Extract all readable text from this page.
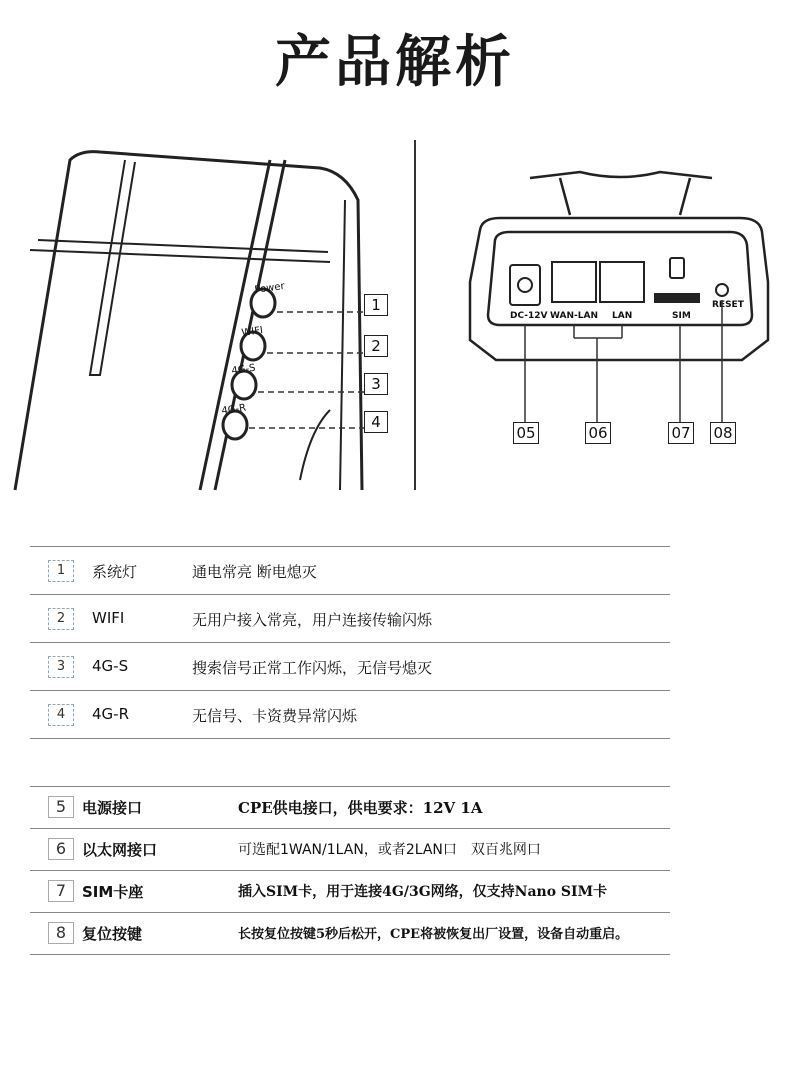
产品解析
Power
WIFI
4G-S
4G-R
DC-12V WAN-LAN LAN	SIM
RESET
1
2
3
4
05	06	07 08
1	系统灯	通电常亮 断电熄灭
2	WIFI	无用户接入常亮，用户连接传输闪烁
3	4G-S	搜索信号正常工作闪烁，无信号熄灭
4	4G-R	无信号、卡资费异常闪烁
5	电源接口	CPE供电接口，供电要求：12V 1A
6	以太网接口	可选配1WAN/1LAN，或者2LAN口　双百兆网口
7	SIM卡座	插入SIM卡，用于连接4G/3G网络，仅支持Nano SIM卡
8	复位按键	长按复位按键5秒后松开，CPE将被恢复出厂设置，设备自动重启。
